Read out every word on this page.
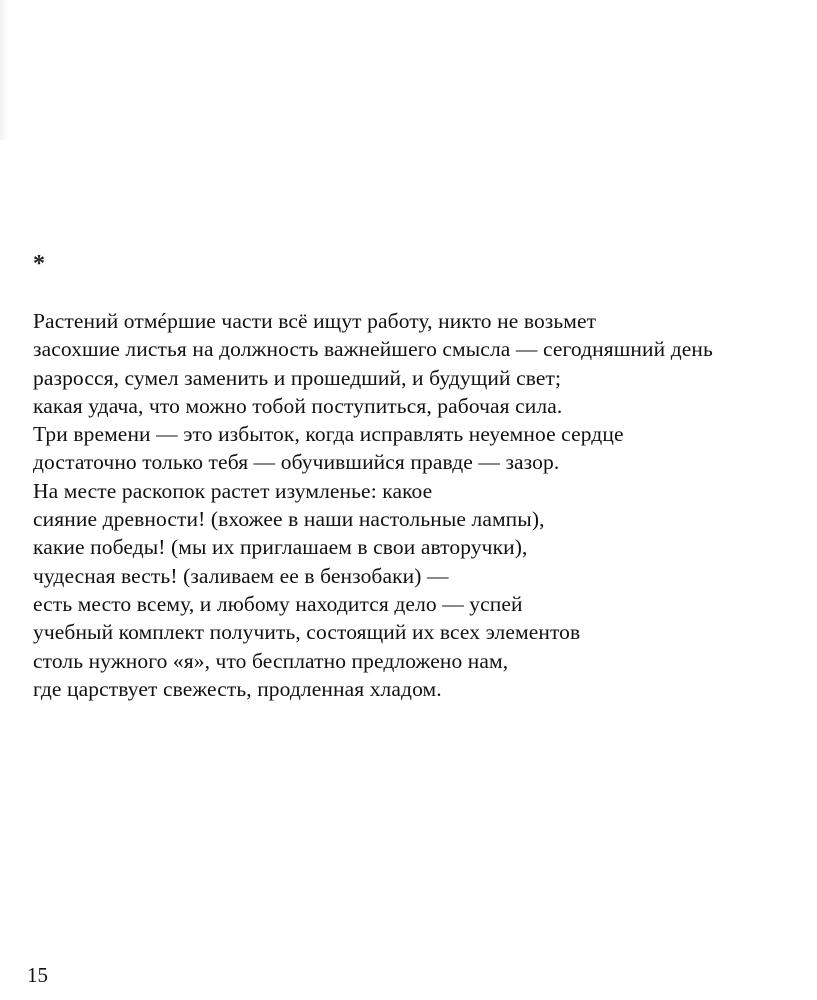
*
Растений отмéршие части всё ищут работу, никто не возьмет
засохшие листья на должность важнейшего смысла — сегодняшний день
разросся, сумел заменить и прошедший, и будущий свет;
какая удача, что можно тобой поступиться, рабочая сила.
Три времени — это избыток, когда исправлять неуемное сердце
достаточно только тебя — обучившийся правде — зазор.
На месте раскопок растет изумленье: какое
сияние древности! (вхожее в наши настольные лампы),
какие победы! (мы их приглашаем в свои авторучки),
чудесная весть! (заливаем ее в бензобаки) —
есть место всему, и любому находится дело — успей
учебный комплект получить, состоящий их всех элементов
столь нужного «я», что бесплатно предложено нам,
где царствует свежесть, продленная хладом.
15
